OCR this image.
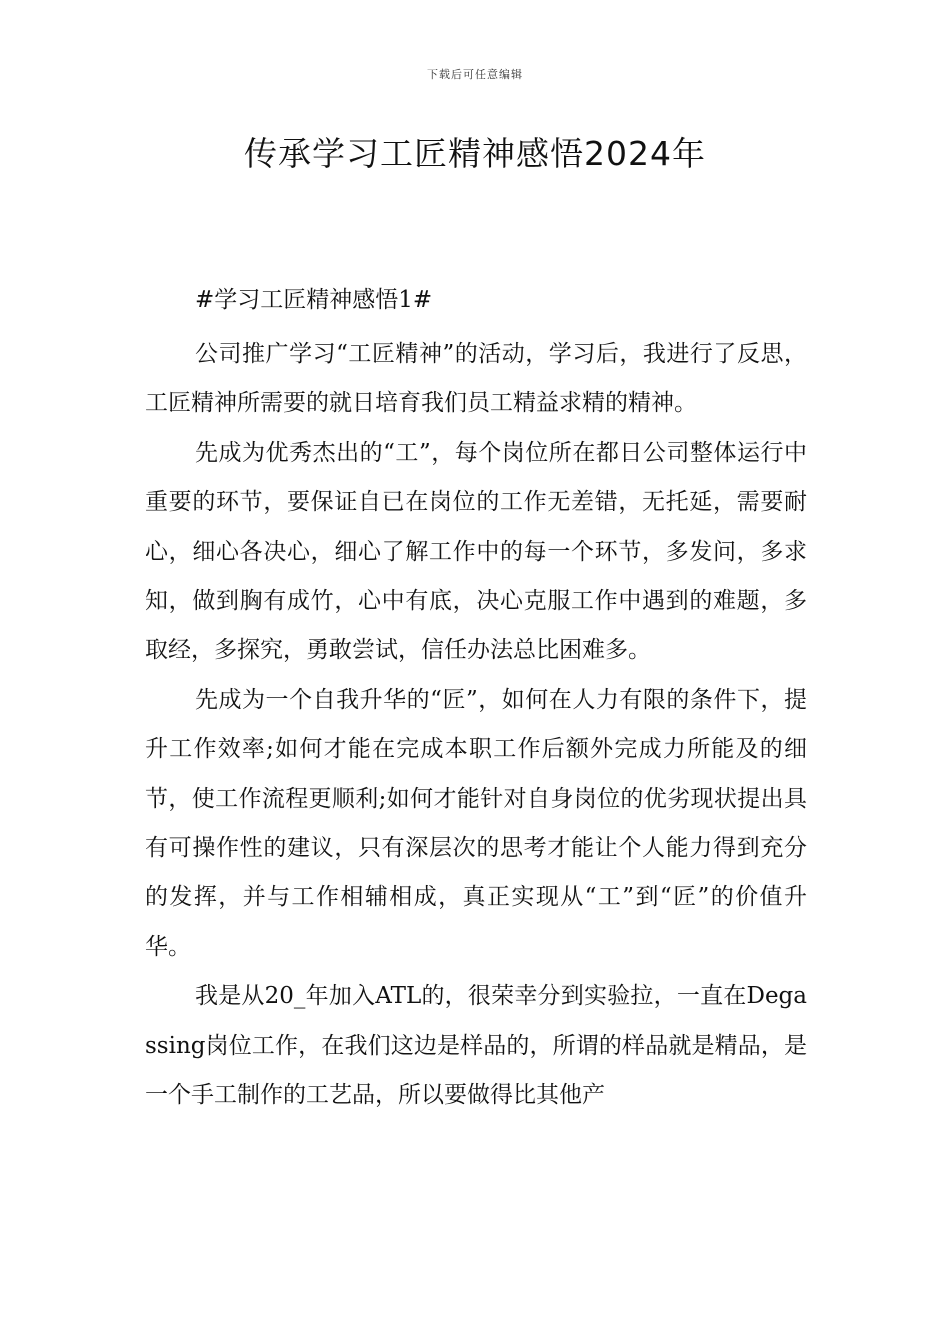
下载后可任意编辑
传承学习工匠精神感悟2024年

#学习工匠精神感悟1#

公司推广学习“工匠精神”的活动，学习后，我进行了反思，工匠精神所需要的就日培育我们员工精益求精的精神。

先成为优秀杰出的“工”，每个岗位所在都日公司整体运行中重要的环节，要保证自已在岗位的工作无差错，无托延，需要耐心，细心各决心，细心了解工作中的每一个环节，多发问，多求知，做到胸有成竹，心中有底，决心克服工作中遇到的难题，多取经，多探究，勇敢尝试，信任办法总比困难多。

先成为一个自我升华的“匠”，如何在人力有限的条件下，提升工作效率;如何才能在完成本职工作后额外完成力所能及的细节，使工作流程更顺利;如何才能针对自身岗位的优劣现状提出具有可操作性的建议，只有深层次的思考才能让个人能力得到充分的发挥，并与工作相辅相成，真正实现从“工”到“匠”的价值升华。

我是从20_年加入ATL的，很荣幸分到实验拉，一直在Degassing岗位工作，在我们这边是样品的，所谓的样品就是精品，是一个手工制作的工艺品，所以要做得比其他产
